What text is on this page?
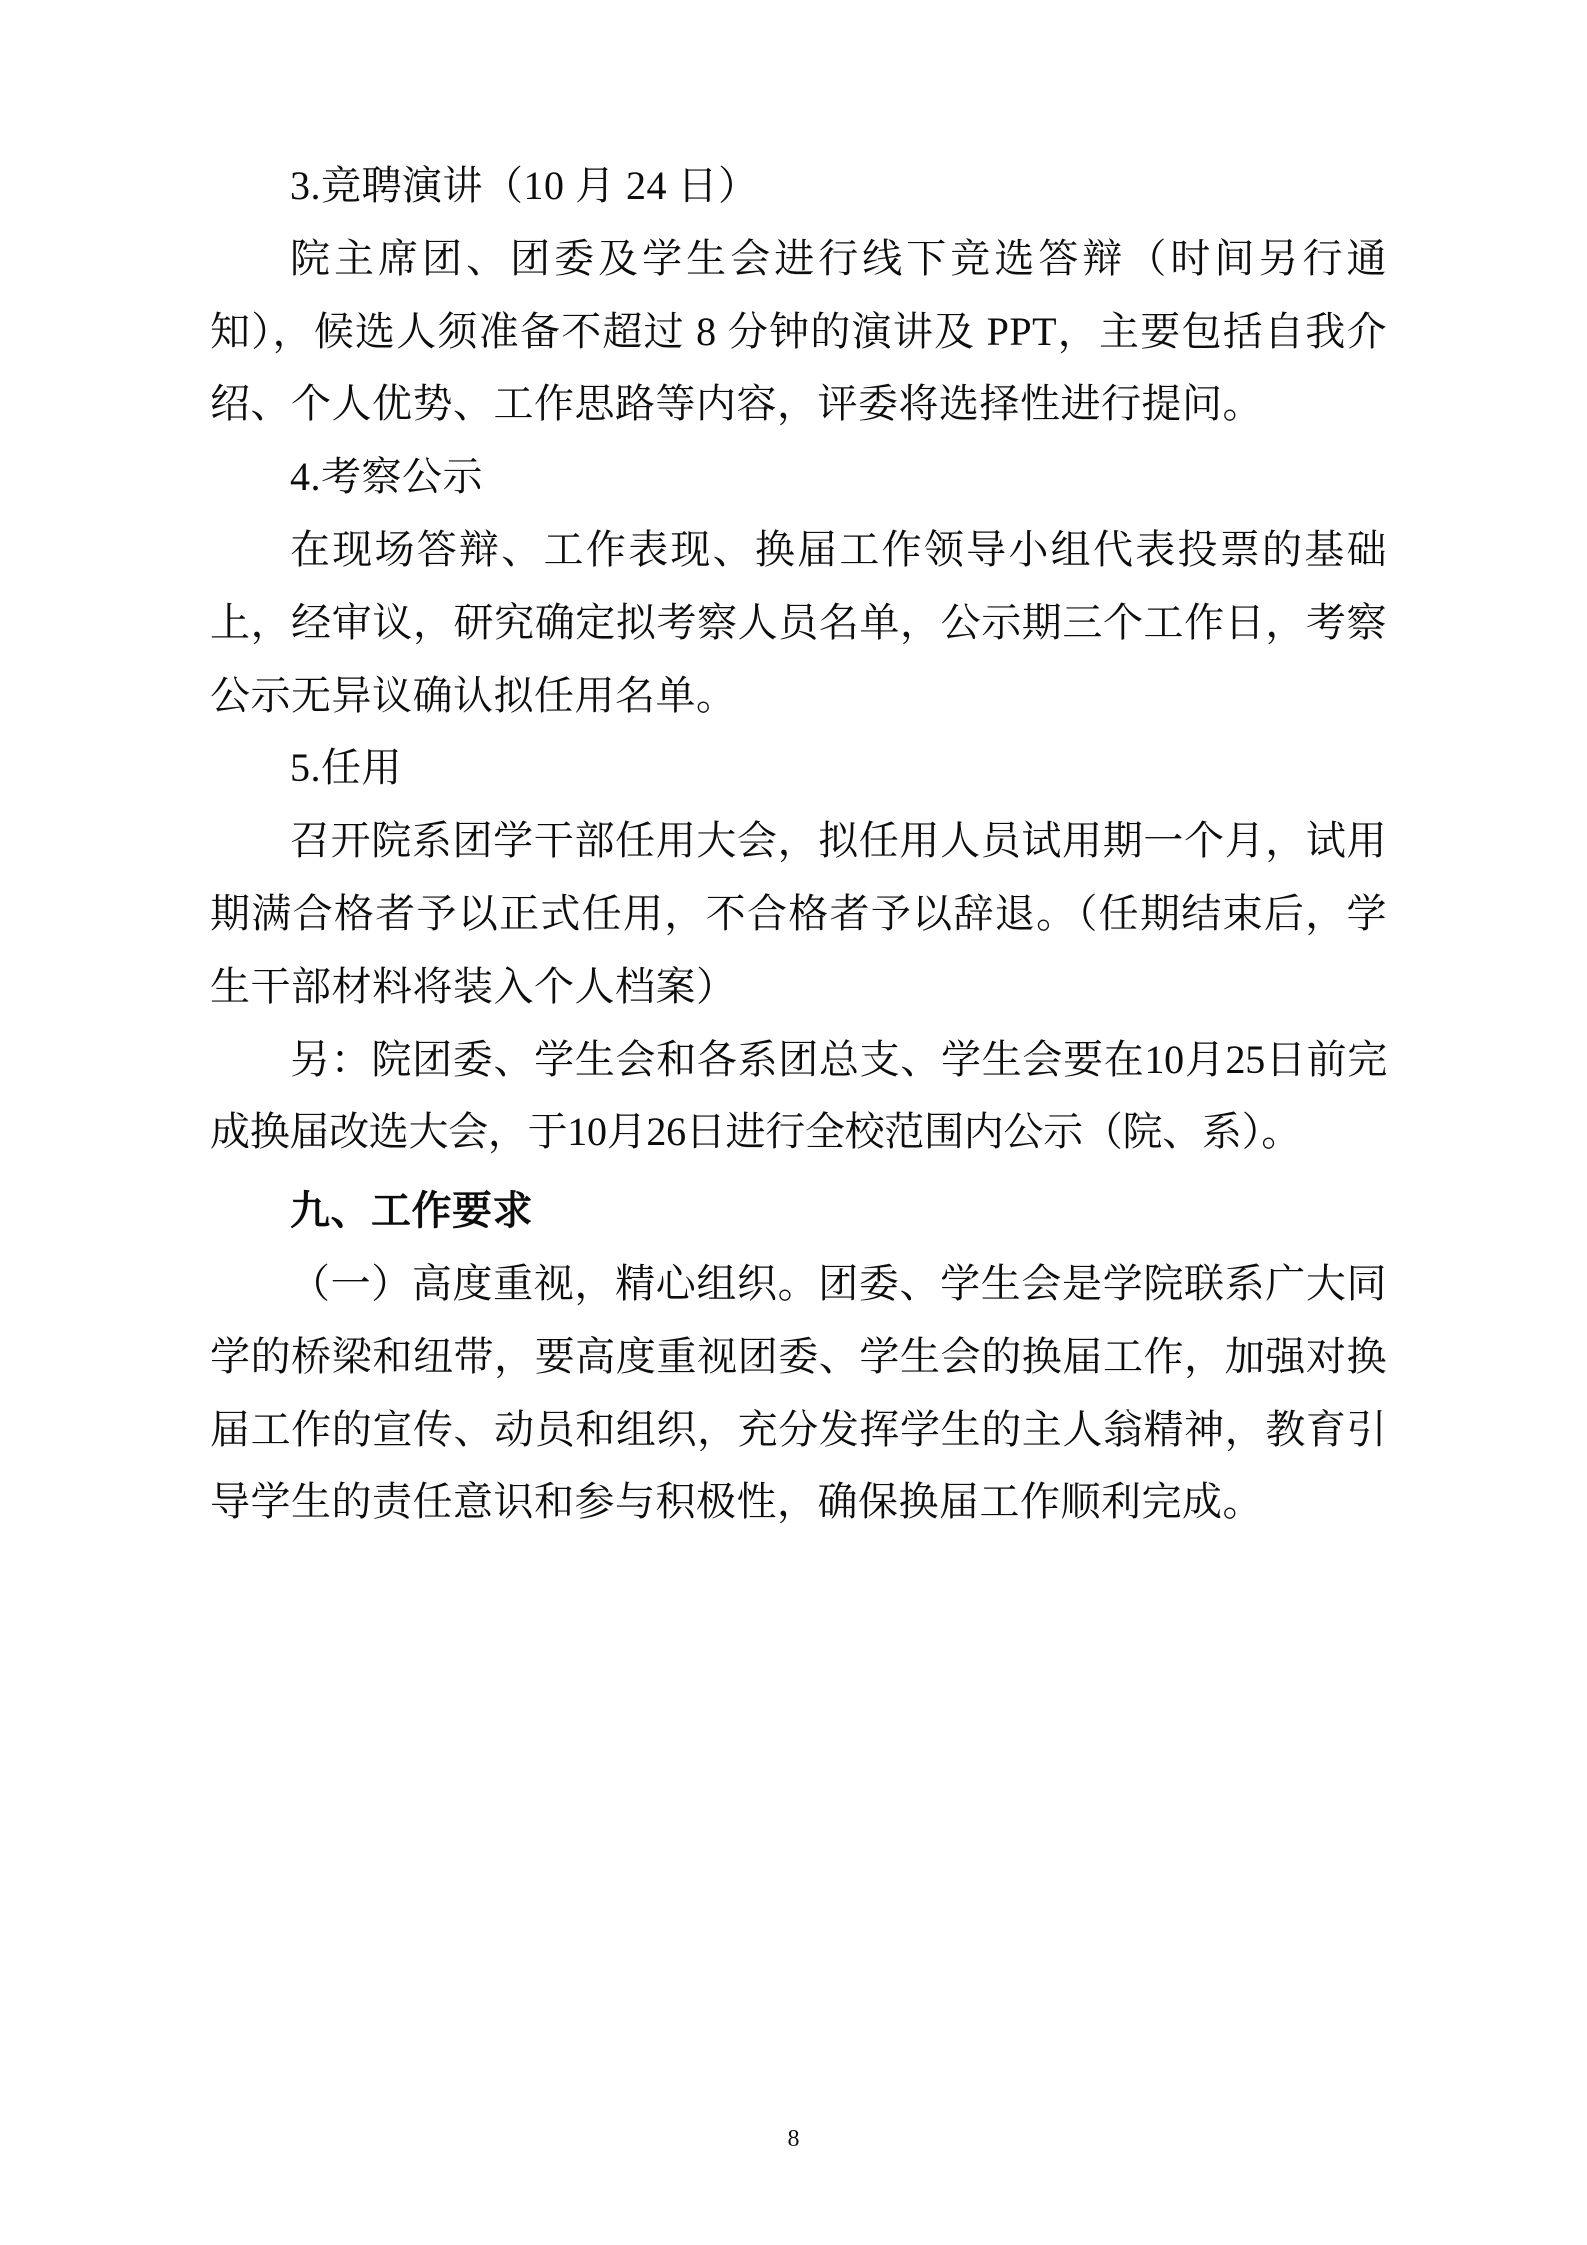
3.竞聘演讲（10 月 24 日）

院主席团、团委及学生会进行线下竞选答辩（时间另行通知），候选人须准备不超过 8 分钟的演讲及 PPT，主要包括自我介绍、个人优势、工作思路等内容，评委将选择性进行提问。

4.考察公示

在现场答辩、工作表现、换届工作领导小组代表投票的基础上，经审议，研究确定拟考察人员名单，公示期三个工作日，考察公示无异议确认拟任用名单。

5.任用

召开院系团学干部任用大会，拟任用人员试用期一个月，试用期满合格者予以正式任用，不合格者予以辞退。（任期结束后，学生干部材料将装入个人档案）

另：院团委、学生会和各系团总支、学生会要在10月25日前完成换届改选大会，于10月26日进行全校范围内公示（院、系）。

九、工作要求

（一）高度重视，精心组织。团委、学生会是学院联系广大同学的桥梁和纽带，要高度重视团委、学生会的换届工作，加强对换届工作的宣传、动员和组织，充分发挥学生的主人翁精神，教育引导学生的责任意识和参与积极性，确保换届工作顺利完成。

8
